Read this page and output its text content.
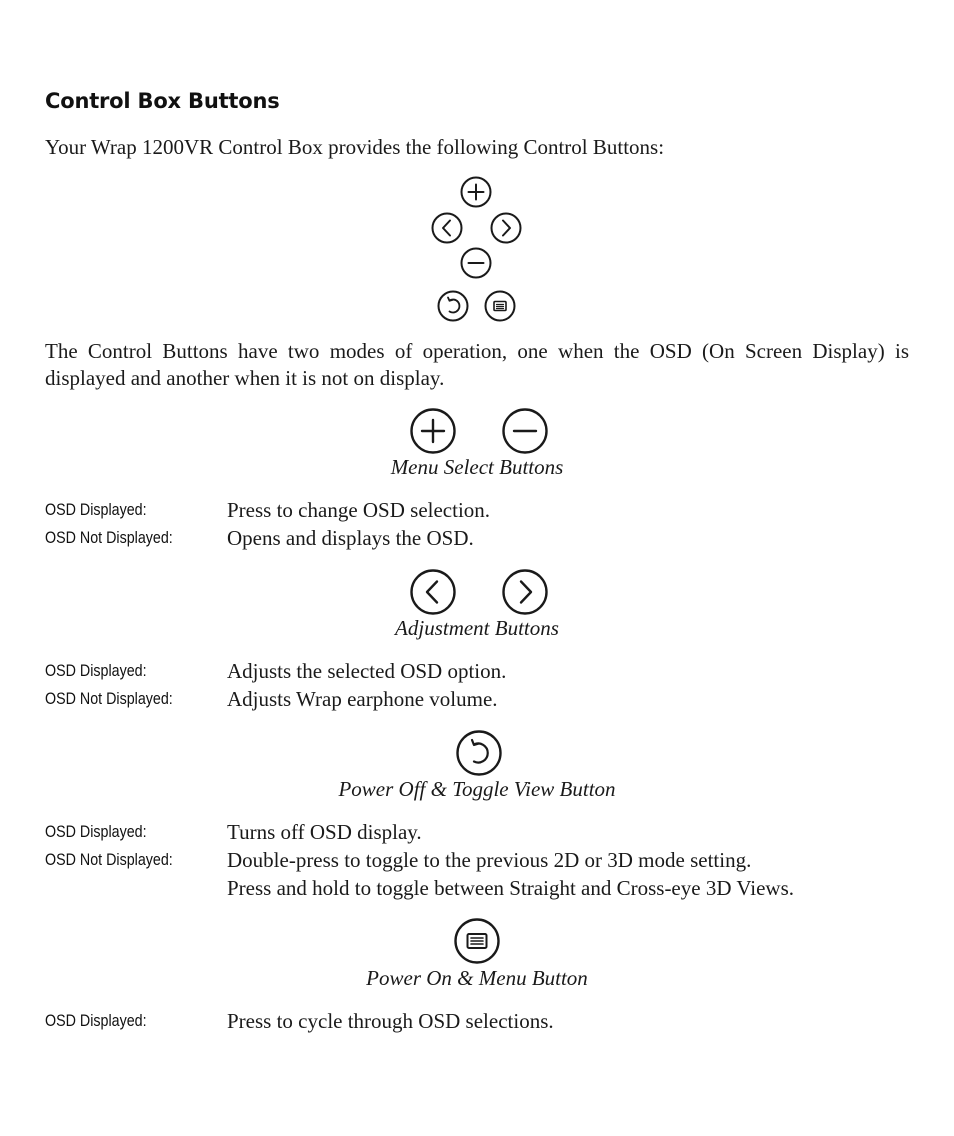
Control Box Buttons
Your Wrap 1200VR Control Box provides the following Control Buttons:
The Control Buttons have two modes of operation, one when the OSD (On Screen Display) is displayed and another when it is not on display.
Menu Select Buttons
OSD Displayed:	Press to change OSD selection.
OSD Not Displayed:	Opens and displays the OSD.
Adjustment Buttons
OSD Displayed:	Adjusts the selected OSD option.
OSD Not Displayed:	Adjusts Wrap earphone volume.
Power Off & Toggle View Button
OSD Displayed:	Turns off OSD display.
OSD Not Displayed:	Double-press to toggle to the previous 2D or 3D mode setting.
Press and hold to toggle between Straight and Cross-eye 3D Views.
Power On & Menu Button
OSD Displayed:	Press to cycle through OSD selections.
